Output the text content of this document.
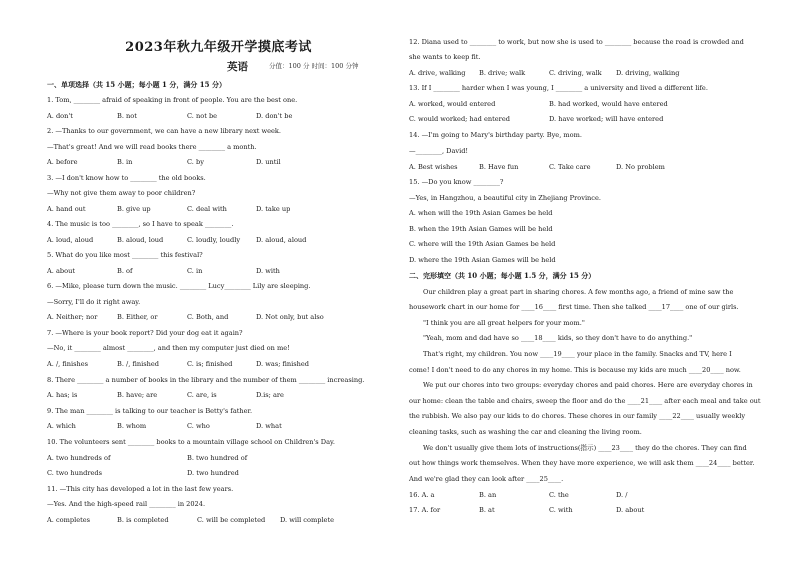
2023年秋九年级开学摸底考试
英语	分值：100 分 时间：100 分钟
一、单项选择（共 15 小题；每小题 1 分，满分 15 分）
1. Tom, ________ afraid of speaking in front of people. You are the best one.
A. don't	B. not	C. not be	D. don't be
2. —Thanks to our government, we can have a new library next week.
—That's great! And we will read books there ________ a month.
A. before	B. in	C. by	D. until
3. —I don't know how to ________ the old books.
—Why not give them away to poor children?
A. hand out	B. give up	C. deal with	D. take up
4. The music is too ________, so I have to speak ________.
A. loud, aloud	B. aloud, loud	C. loudly, loudly D. aloud, aloud
5. What do you like most ________ this festival?
A. about	B. of	C. in	D. with
6. —Mike, please turn down the music. ________ Lucy________ Lily are sleeping.
—Sorry, I'll do it right away.
A. Neither; nor	B. Either, or	C. Both, and	D. Not only, but also
7. —Where is your book report? Did your dog eat it again?
—No, it ________ almost ________, and then my computer just died on me!
A. /, finishes	B. /, finished	C. is; finished	D. was; finished
8. There ________ a number of books in the library and the number of them ________ increasing.
A. has; is	B. have; are	C. are, is	D.is; are
9. The man ________ is talking to our teacher is Betty's father.
A. which	B. whom	C. who	D. what
10. The volunteers sent ________ books to a mountain village school on Children's Day.
A. two hundreds of	B. two hundred of
C. two hundreds	D. two hundred
11. —This city has developed a lot in the last few years.
—Yes. And the high-speed rail ________ in 2024.
A. completes	B. is completed	C. will be completed D. will complete
12. Diana used to ________ to work, but now she is used to ________ because the road is crowded and
she wants to keep fit.
A. drive, walking B. drive; walk	C. driving, walk D. driving, walking
13. If I ________ harder when I was young, I ________ a university and lived a different life.
A. worked, would entered	B. had worked, would have entered
C. would worked; had entered	D. have worked; will have entered
14. —I'm going to Mary's birthday party. Bye, mom.
—________, David!
A. Best wishes	B. Have fun	C. Take care	D. No problem
15. —Do you know ________?
—Yes, in Hangzhou, a beautiful city in Zhejiang Province.
A. when will the 19th Asian Games be held
B. when the 19th Asian Games will be held
C. where will the 19th Asian Games be held
D. where the 19th Asian Games will be held
二、完形填空（共 10 小题；每小题 1.5 分，满分 15 分）
Our children play a great part in sharing chores. A few months ago, a friend of mine saw the
housework chart in our home for ____16____ first time. Then she talked ____17____ one of our girls.
"I think you are all great helpers for your mom."
"Yeah, mom and dad have so ____18____ kids, so they don't have to do anything."
That's right, my children. You now ____19____ your place in the family. Snacks and TV, here I
come! I don't need to do any chores in my home. This is because my kids are much ____20____ now.
We put our chores into two groups: everyday chores and paid chores. Here are everyday chores in
our home: clean the table and chairs, sweep the floor and do the ____21____ after each meal and take out
the rubbish. We also pay our kids to do chores. These chores in our family ____22____ usually weekly
cleaning tasks, such as washing the car and cleaning the living room.
We don't usually give them lots of instructions(指示) ____23____ they do the chores. They can find
out how things work themselves. When they have more experience, we will ask them ____24____ better.
And we're glad they can look after ____25____.
16. A. a	B. an	C. the	D. /
17. A. for	B. at	C. with	D. about
